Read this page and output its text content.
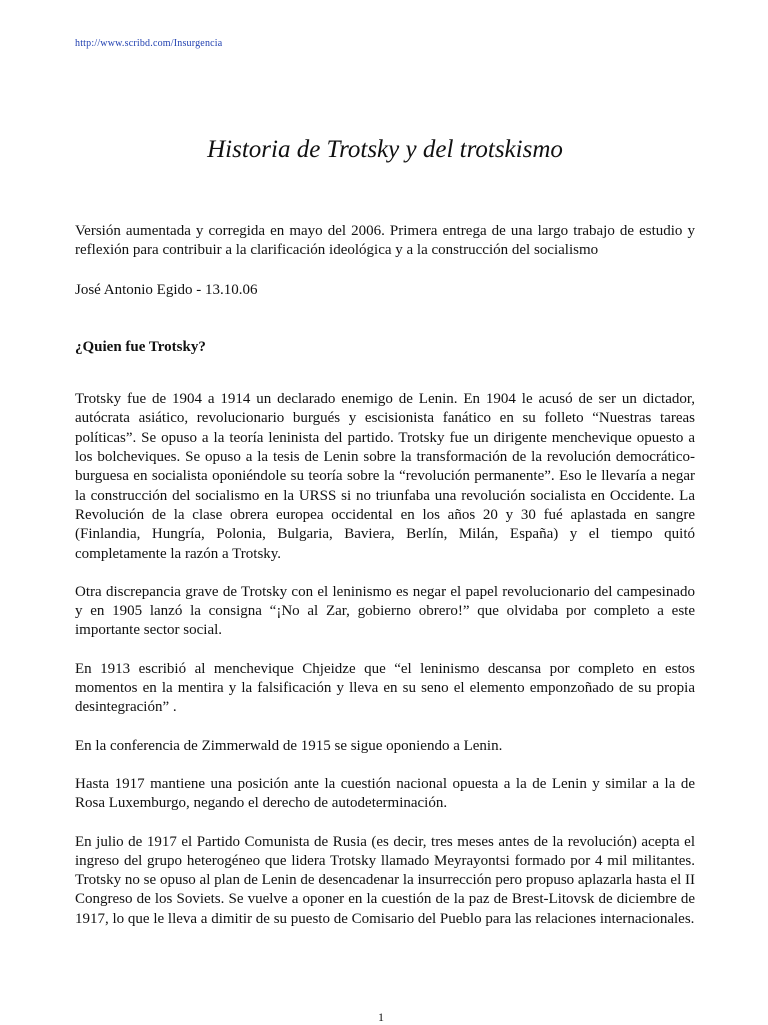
http://www.scribd.com/Insurgencia
Historia de Trotsky y del trotskismo

Versión aumentada y corregida en mayo del 2006. Primera entrega de una largo trabajo de estudio y reflexión para contribuir a la clarificación ideológica y a la construcción del socialismo

José Antonio Egido - 13.10.06

¿Quien fue Trotsky?

Trotsky fue de 1904 a 1914 un declarado enemigo de Lenin. En 1904 le acusó de ser un dictador, autócrata asiático, revolucionario burgués y escisionista fanático en su folleto “Nuestras tareas políticas”. Se opuso a la teoría leninista del partido. Trotsky fue un dirigente menchevique opuesto a los bolcheviques. Se opuso a la tesis de Lenin sobre la transformación de la revolución democrático-burguesa en socialista oponiéndole su teoría sobre la “revolución permanente”. Eso le llevaría a negar la construcción del socialismo en la URSS si no triunfaba una revolución socialista en Occidente. La Revolución de la clase obrera europea occidental en los años 20 y 30 fué aplastada en sangre (Finlandia, Hungría, Polonia, Bulgaria, Baviera, Berlín, Milán, España) y el tiempo quitó completamente la razón a Trotsky.

Otra discrepancia grave de Trotsky con el leninismo es negar el papel revolucionario del campesinado y en 1905 lanzó la consigna “¡No al Zar, gobierno obrero!” que olvidaba por completo a este importante sector social.

En 1913 escribió al menchevique Chjeidze que “el leninismo descansa por completo en estos momentos en la mentira y la falsificación y lleva en su seno el elemento emponzoñado de su propia desintegración” .

En la conferencia de Zimmerwald de 1915 se sigue oponiendo a Lenin.

Hasta 1917 mantiene una posición ante la cuestión nacional opuesta a la de Lenin y similar a la de Rosa Luxemburgo, negando el derecho de autodeterminación.

En julio de 1917 el Partido Comunista de Rusia (es decir, tres meses antes de la revolución) acepta el ingreso del grupo heterogéneo que lidera Trotsky llamado Meyrayontsi formado por 4 mil militantes. Trotsky no se opuso al plan de Lenin de desencadenar la insurrección pero propuso aplazarla hasta el II Congreso de los Soviets. Se vuelve a oponer en la cuestión de la paz de Brest-Litovsk de diciembre de 1917, lo que le lleva a dimitir de su puesto de Comisario del Pueblo para las relaciones internacionales.

1
